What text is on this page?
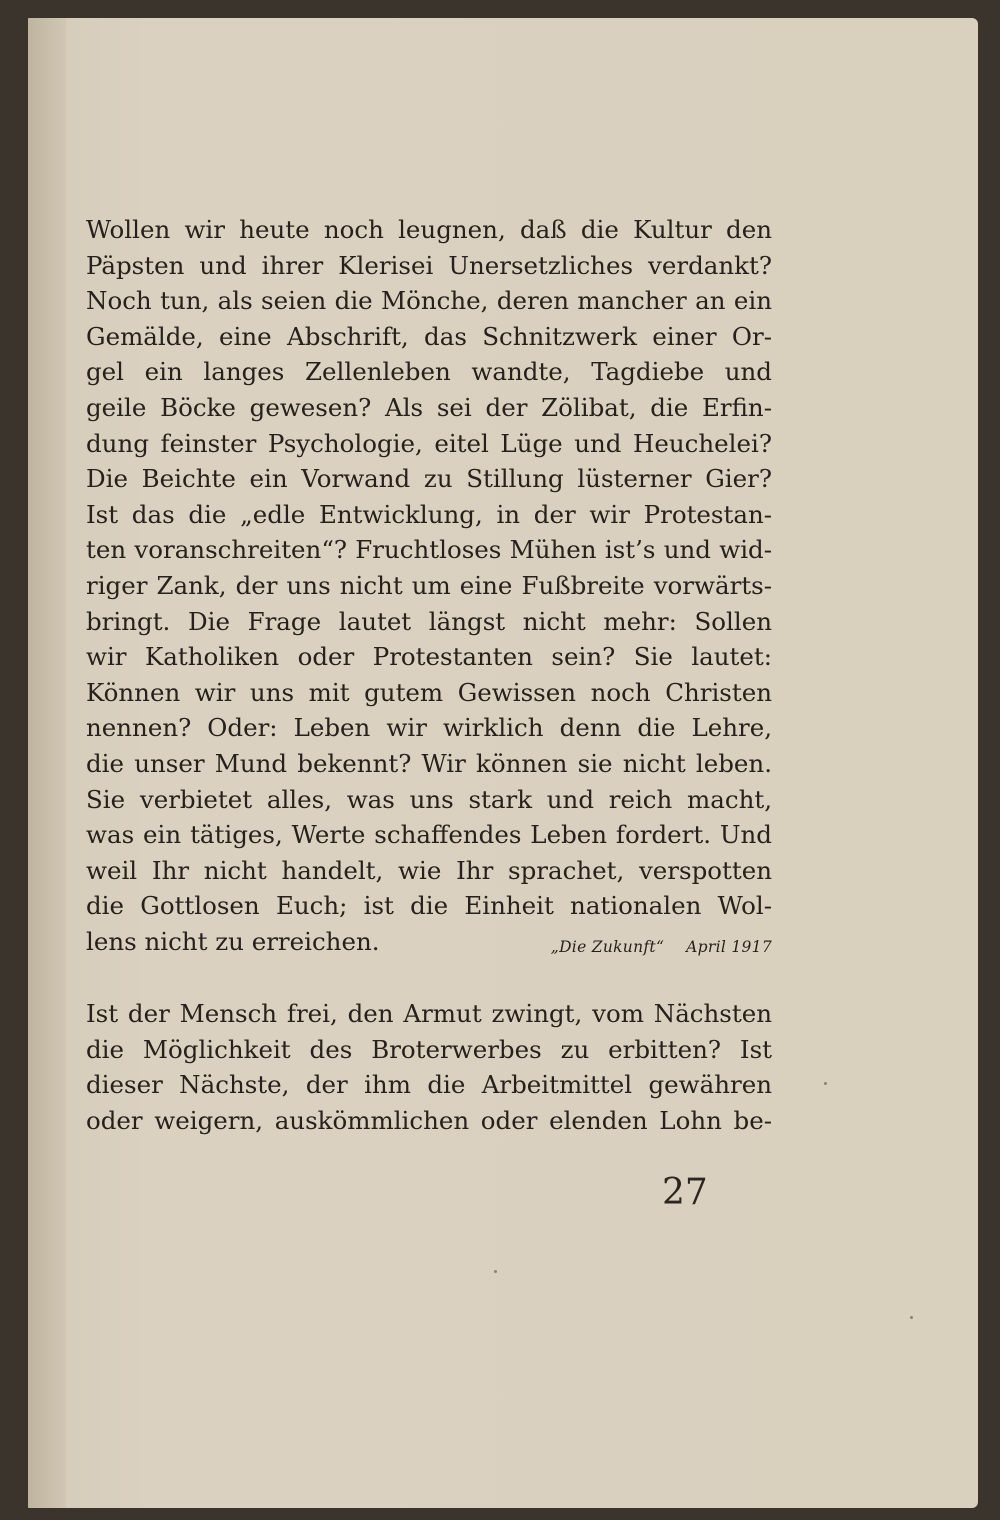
Wollen wir heute noch leugnen, daß die Kultur den
Päpsten und ihrer Klerisei Unersetzliches verdankt?
Noch tun, als seien die Mönche, deren mancher an ein
Gemälde, eine Abschrift, das Schnitzwerk einer Or-
gel ein langes Zellenleben wandte, Tagdiebe und
geile Böcke gewesen? Als sei der Zölibat, die Erfin-
dung feinster Psychologie, eitel Lüge und Heuchelei?
Die Beichte ein Vorwand zu Stillung lüsterner Gier?
Ist das die „edle Entwicklung, in der wir Protestan-
ten voranschreiten“? Fruchtloses Mühen ist’s und wid-
riger Zank, der uns nicht um eine Fußbreite vorwärts-
bringt. Die Frage lautet längst nicht mehr: Sollen
wir Katholiken oder Protestanten sein? Sie lautet:
Können wir uns mit gutem Gewissen noch Christen
nennen? Oder: Leben wir wirklich denn die Lehre,
die unser Mund bekennt? Wir können sie nicht leben.
Sie verbietet alles, was uns stark und reich macht,
was ein tätiges, Werte schaffendes Leben fordert. Und
weil Ihr nicht handelt, wie Ihr sprachet, verspotten
die Gottlosen Euch; ist die Einheit nationalen Wol-
lens nicht zu erreichen.	„Die Zukunft“ April 1917
Ist der Mensch frei, den Armut zwingt, vom Nächsten
die Möglichkeit des Broterwerbes zu erbitten? Ist
dieser Nächste, der ihm die Arbeitmittel gewähren
oder weigern, auskömmlichen oder elenden Lohn be-
27
